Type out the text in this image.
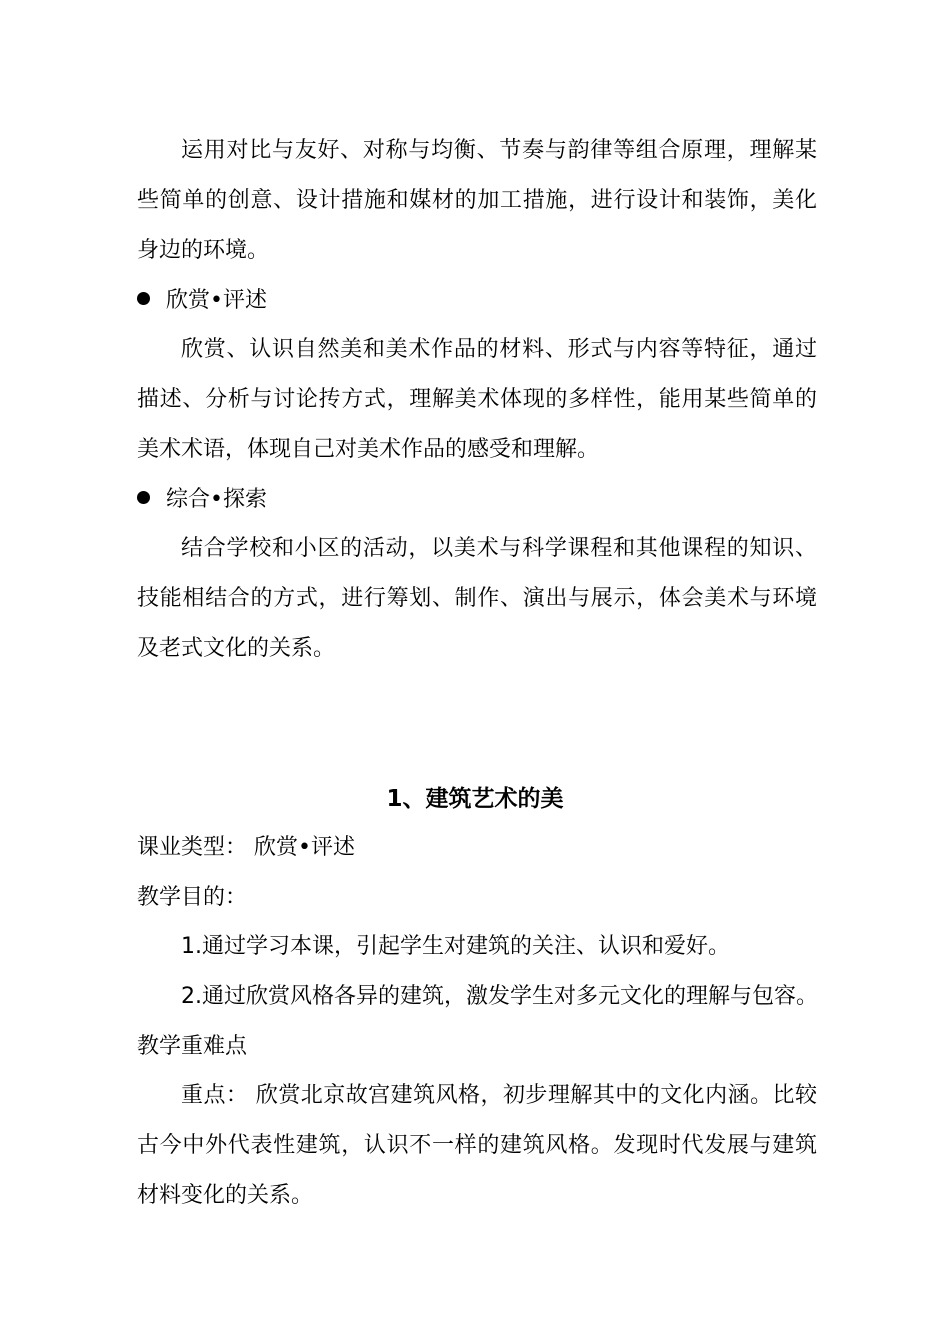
运用对比与友好、对称与均衡、节奏与韵律等组合原理，理解某
些简单的创意、设计措施和媒材的加工措施，进行设计和装饰，美化
身边的环境。
欣赏•评述
欣赏、认识自然美和美术作品的材料、形式与内容等特征，通过
描述、分析与讨论抟方式，理解美术体现的多样性，能用某些简单的
美术术语，体现自己对美术作品的感受和理解。
综合•探索
结合学校和小区的活动，以美术与科学课程和其他课程的知识、
技能相结合的方式，进行筹划、制作、演出与展示，体会美术与环境
及老式文化的关系。
1、建筑艺术的美
课业类型： 欣赏•评述
教学目的：
1.通过学习本课，引起学生对建筑的关注、认识和爱好。
2.通过欣赏风格各异的建筑，激发学生对多元文化的理解与包容。
教学重难点
重点： 欣赏北京故宫建筑风格，初步理解其中的文化内涵。比较
古今中外代表性建筑，认识不一样的建筑风格。发现时代发展与建筑
材料变化的关系。
